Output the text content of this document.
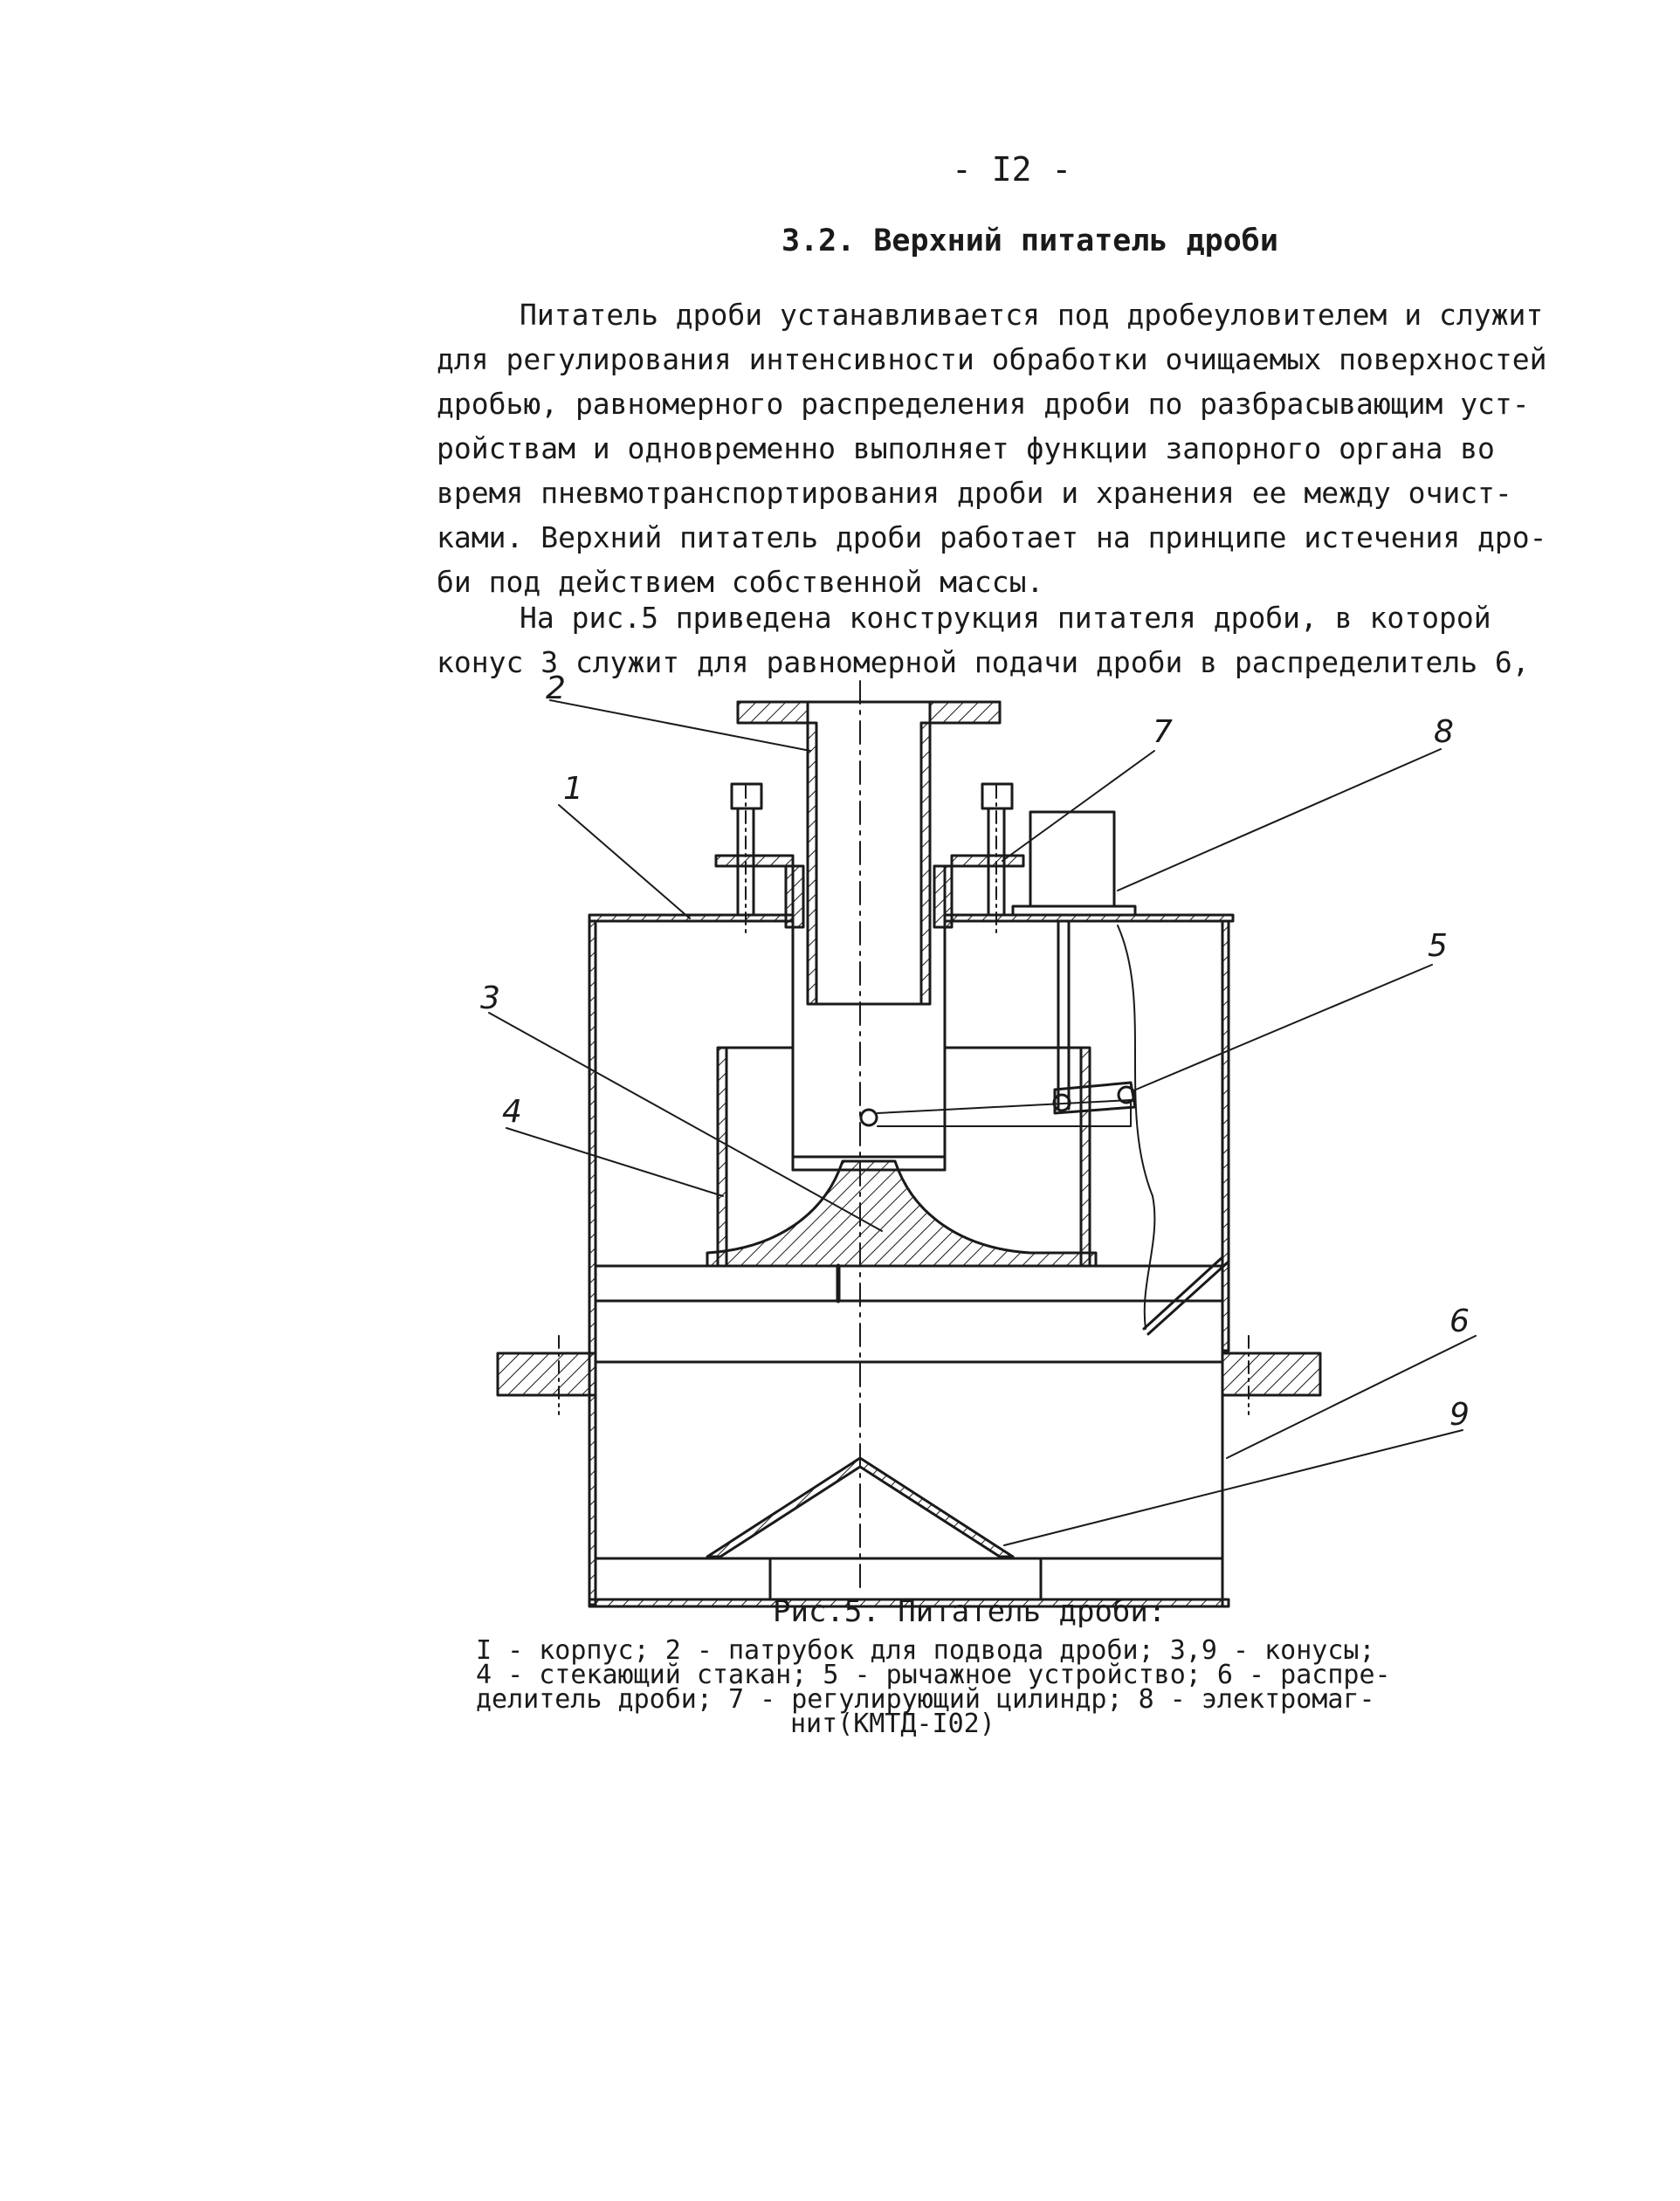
- I2 -
3.2. Верхний питатель дроби

Питатель дроби устанавливается под дробеуловителем и служит
для регулирования интенсивности обработки очищаемых поверхностей
дробью, равномерного распределения дроби по разбрасывающим уст-
ройствам и одновременно выполняет функции запорного органа во
время пневмотранспортирования дроби и хранения ее между очист-
ками. Верхний питатель дроби работает на принципе истечения дро-
би под действием собственной массы.

На рис.5 приведена конструкция питателя дроби, в которой
конус 3 служит для равномерной подачи дроби в распределитель 6,

2
1
3
4
7	8
5
6
9
Рис.5. Питатель дроби:

I - корпус; 2 - патрубок для подвода дроби; 3,9 - конусы;
4 - стекающий стакан; 5 - рычажное устройство; 6 - распре-
делитель дроби; 7 - регулирующий цилиндр; 8 - электромаг-
нит(КМТД-I02)
